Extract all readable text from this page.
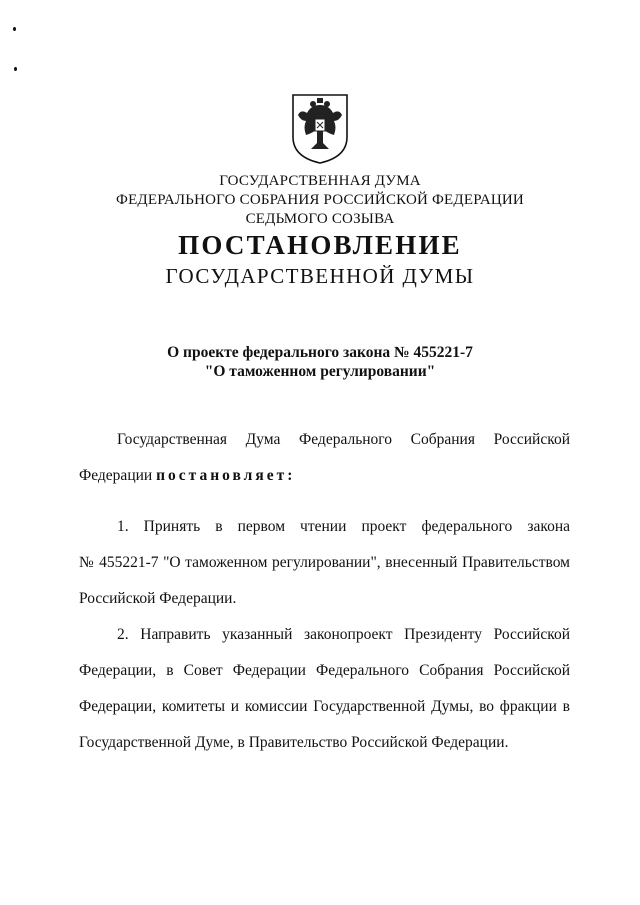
ГОСУДАРСТВЕННАЯ ДУМА
ФЕДЕРАЛЬНОГО СОБРАНИЯ РОССИЙСКОЙ ФЕДЕРАЦИИ
СЕДЬМОГО СОЗЫВА
ПОСТАНОВЛЕНИЕ
ГОСУДАРСТВЕННОЙ ДУМЫ
О проекте федерального закона № 455221-7
"О таможенном регулировании"
Государственная Дума Федерального Собрания Российской
Федерации постановляет:
1. Принять в первом чтении проект федерального закона
№ 455221-7 "О таможенном регулировании", внесенный Правительством
Российской Федерации.
2. Направить указанный законопроект Президенту Российской
Федерации, в Совет Федерации Федерального Собрания Российской
Федерации, комитеты и комиссии Государственной Думы, во фракции в
Государственной Думе, в Правительство Российской Федерации.
